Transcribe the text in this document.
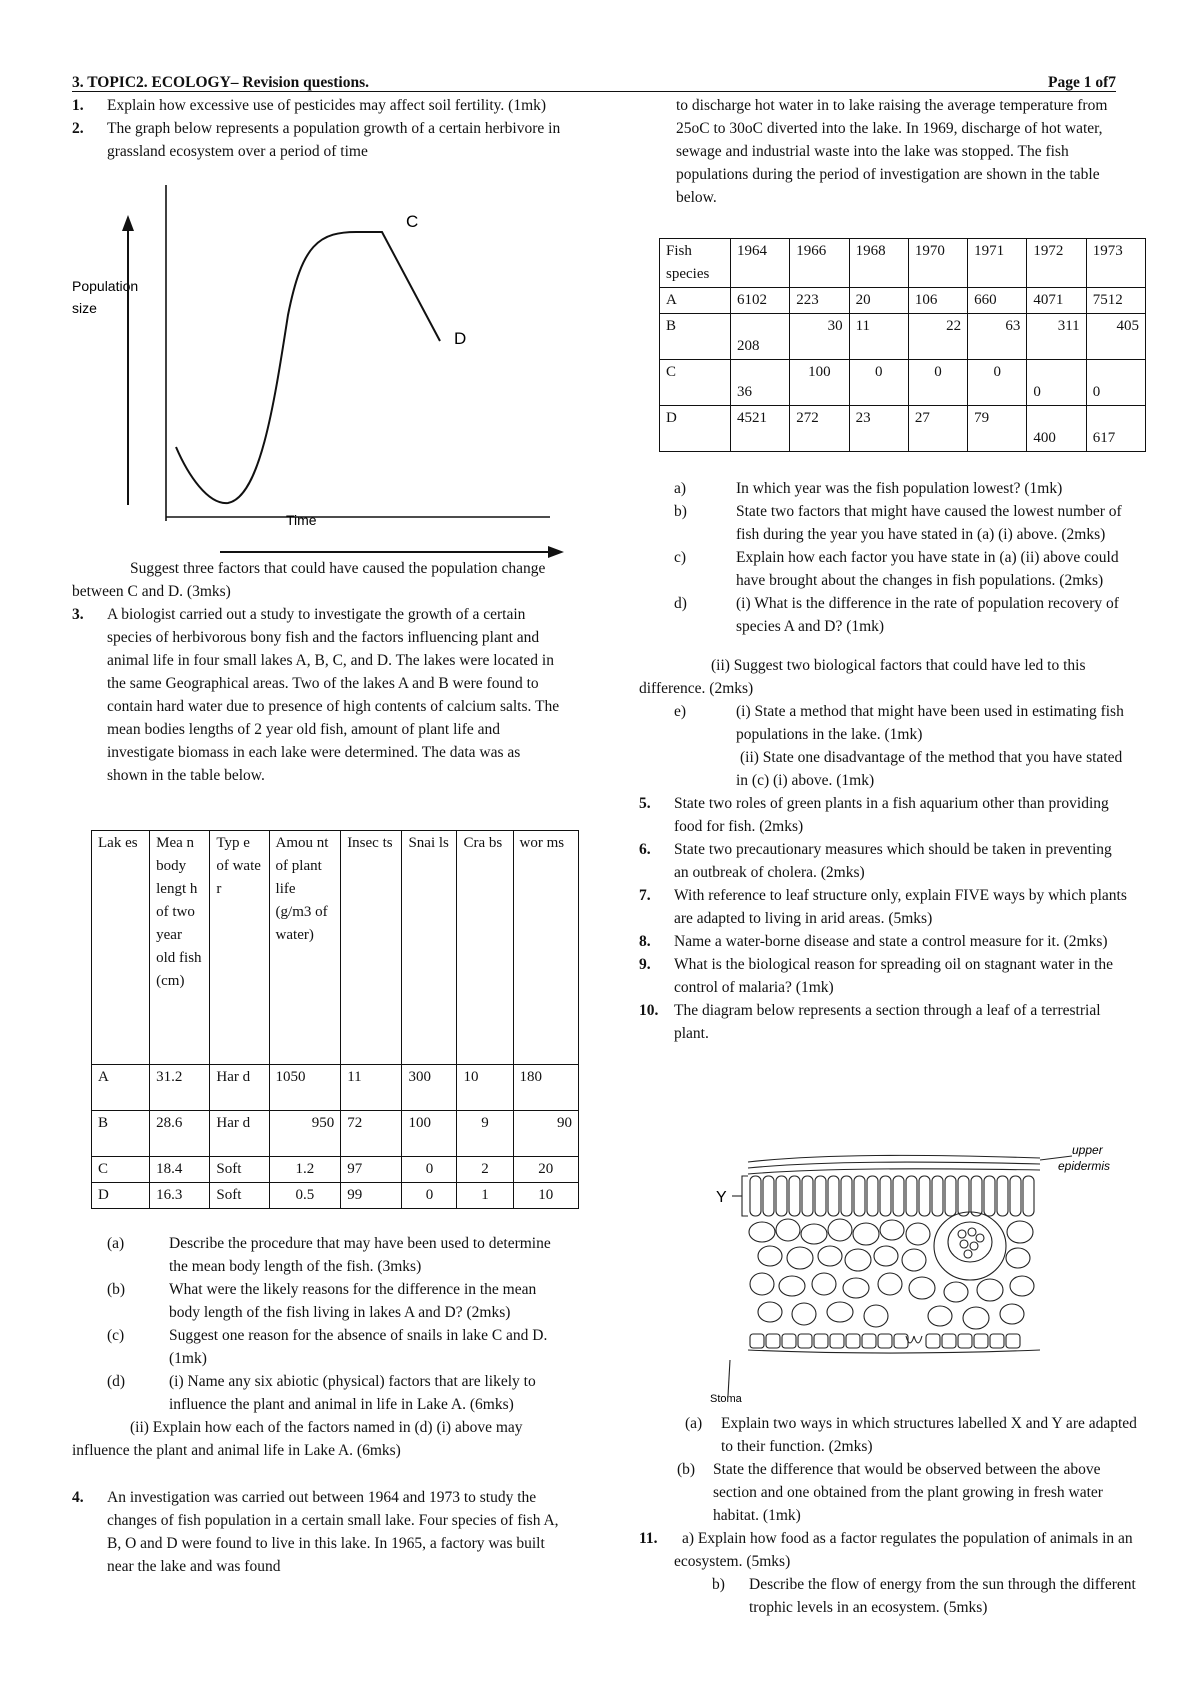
3. TOPIC2. ECOLOGY– Revision questions.	Page 1 of7
1. Explain how excessive use of pesticides may affect soil fertility. (1mk)

2. The graph below represents a population growth of a certain herbivore in grassland ecosystem over a period of time

Population
size
Time
C
D

Suggest three factors that could have caused the population change between C and D. (3mks)

3. A biologist carried out a study to investigate the growth of a certain species of herbivorous bony fish and the factors influencing plant and animal life in four small lakes A, B, C, and D. The lakes were located in the same Geographical areas. Two of the lakes A and B were found to contain hard water due to presence of high contents of calcium salts. The mean bodies lengths of 2 year old fish, amount of plant life and investigate biomass in each lake were determined. The data was as shown in the table below.

Lak es	Mea n body lengt h of two year old fish (cm)	Typ e of wate r	Amou nt of plant life (g/m3 of water)	Insec ts	Snai ls	Cra bs	wor ms
A	31.2	Har d	1050	11	300	10	180
B	28.6	Har d	950	72	100	9	90
C	18.4	Soft	1.2	97	0	2	20
D	16.3	Soft	0.5	99	0	1	10
(a)	Describe the procedure that may have been used to determine the mean body length of the fish. (3mks)

(b)	What were the likely reasons for the difference in the mean body length of the fish living in lakes A and D? (2mks)

(c)	Suggest one reason for the absence of snails in lake C and D. (1mk)

(d)	(i) Name any six abiotic (physical) factors that are likely to influence the plant and animal in life in Lake A. (6mks)

(ii) Explain how each of the factors named in (d) (i) above may influence the plant and animal life in Lake A. (6mks)

4. An investigation was carried out between 1964 and 1973 to study the changes of fish population in a certain small lake. Four species of fish A, B, O and D were found to live in this lake. In 1965, a factory was built near the lake and was found

to discharge hot water in to lake raising the average temperature from 25oC to 30oC diverted into the lake. In 1969, discharge of hot water, sewage and industrial waste into the lake was stopped. The fish populations during the period of investigation are shown in the table below.

Fish species	1964	1966	1968	1970	1971	1972	1973
A	6102	223	20	106	660	4071	7512
B	208	30	11	22	63	311	405
C	36	100	0	0	0	0	0
D	4521	272	23	27	79	400	617
a)	In which year was the fish population lowest? (1mk)

b)	State two factors that might have caused the lowest number of fish during the year you have stated in (a) (i) above. (2mks)

c)	Explain how each factor you have state in (a) (ii) above could have brought about the changes in fish populations. (2mks)

d)	(i) What is the difference in the rate of population recovery of species A and D? (1mk)

(ii) Suggest two biological factors that could have led to this difference. (2mks)

e)	(i) State a method that might have been used in estimating fish populations in the lake. (1mk)

(ii) State one disadvantage of the method that you have stated in (c) (i) above. (1mk)

5. State two roles of green plants in a fish aquarium other than providing food for fish. (2mks)

6. State two precautionary measures which should be taken in preventing an outbreak of cholera. (2mks)

7. With reference to leaf structure only, explain FIVE ways by which plants are adapted to living in arid areas. (5mks)

8. Name a water-borne disease and state a control measure for it. (2mks)

9. What is the biological reason for spreading oil on stagnant water in the control of malaria? (1mk)

10. The diagram below represents a section through a leaf of a terrestrial plant.

Y
upper
epidermis
Stoma
(a) Explain two ways in which structures labelled X and Y are adapted to their function. (2mks)

(b) State the difference that would be observed between the above section and one obtained from the plant growing in fresh water habitat. (1mk)

11.	a) Explain how food as a factor regulates the population of animals in an ecosystem. (5mks)

b) Describe the flow of energy from the sun through the different trophic levels in an ecosystem. (5mks)
